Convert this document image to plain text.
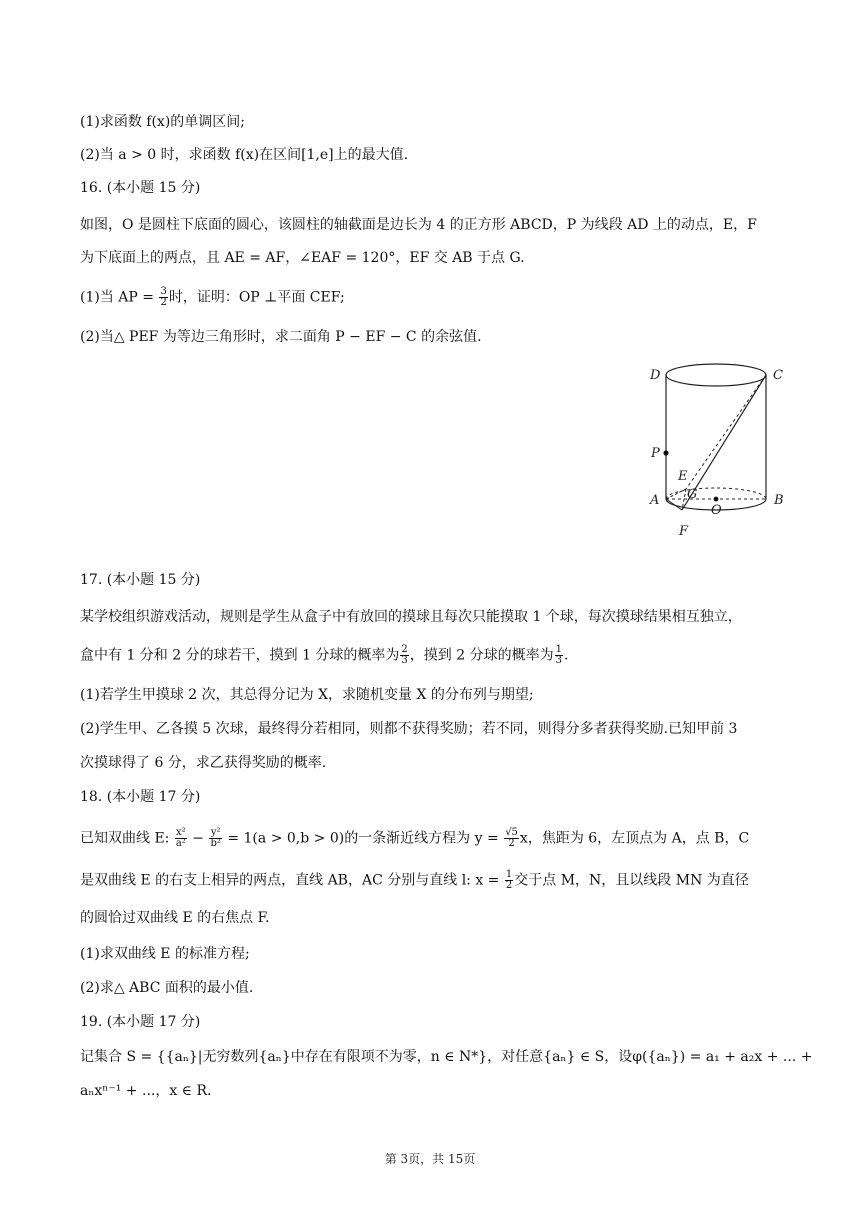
(1)求函数 f(x)的单调区间;
(2)当 a > 0 时，求函数 f(x)在区间[1,e]上的最大值.
16. (本小题 15 分)
如图，O 是圆柱下底面的圆心，该圆柱的轴截面是边长为 4 的正方形 ABCD，P 为线段 AD 上的动点，E，F
为下底面上的两点，且 AE = AF，∠EAF = 120°，EF 交 AB 于点 G.
(1)当 AP = $\frac{3}{2}$ 时，证明：OP ⊥平面 CEF;
(2)当△ PEF 为等边三角形时，求二面角 P − EF − C 的余弦值.
D	C
P
E
G
A
O
B
F
17. (本小题 15 分)
某学校组织游戏活动，规则是学生从盒子中有放回的摸球且每次只能摸取 1 个球，每次摸球结果相互独立，
盒中有 1 分和 2 分的球若干，摸到 1 分球的概率为 $\frac{2}{3}$ ，摸到 2 分球的概率为 $\frac{1}{3}$ .
(1)若学生甲摸球 2 次，其总得分记为 X，求随机变量 X 的分布列与期望;
(2)学生甲、乙各摸 5 次球，最终得分若相同，则都不获得奖励；若不同，则得分多者获得奖励.已知甲前 3
次摸球得了 6 分，求乙获得奖励的概率.
18. (本小题 17 分)
已知双曲线 E: $\frac{\text{x²}}{\text{a²}} - \frac{\text{y²}}{\text{b²}} = 1(a > 0,b > 0)$的一条渐近线方程为 $y = \frac{√5}{2}$ x，焦距为 6，左顶点为 A，点 B，C
是双曲线 E 的右支上相异的两点，直线 AB，AC 分别与直线 l: $x = \frac{1}{2}$ 交于点 M，N，且以线段 MN 为直径
的圆恰过双曲线 E 的右焦点 F.
(1)求双曲线 E 的标准方程;
(2)求△ ABC 面积的最小值.
19. (本小题 17 分)
记集合 S = {{aₙ}|无穷数列{aₙ}中存在有限项不为零，n ∈ N*}，对任意{aₙ} ∈ S，设φ({aₙ}) = a₁ + a₂x + ... +
aₙxⁿ⁻¹ + ...，x ∈ R.
第 3页，共 15页
